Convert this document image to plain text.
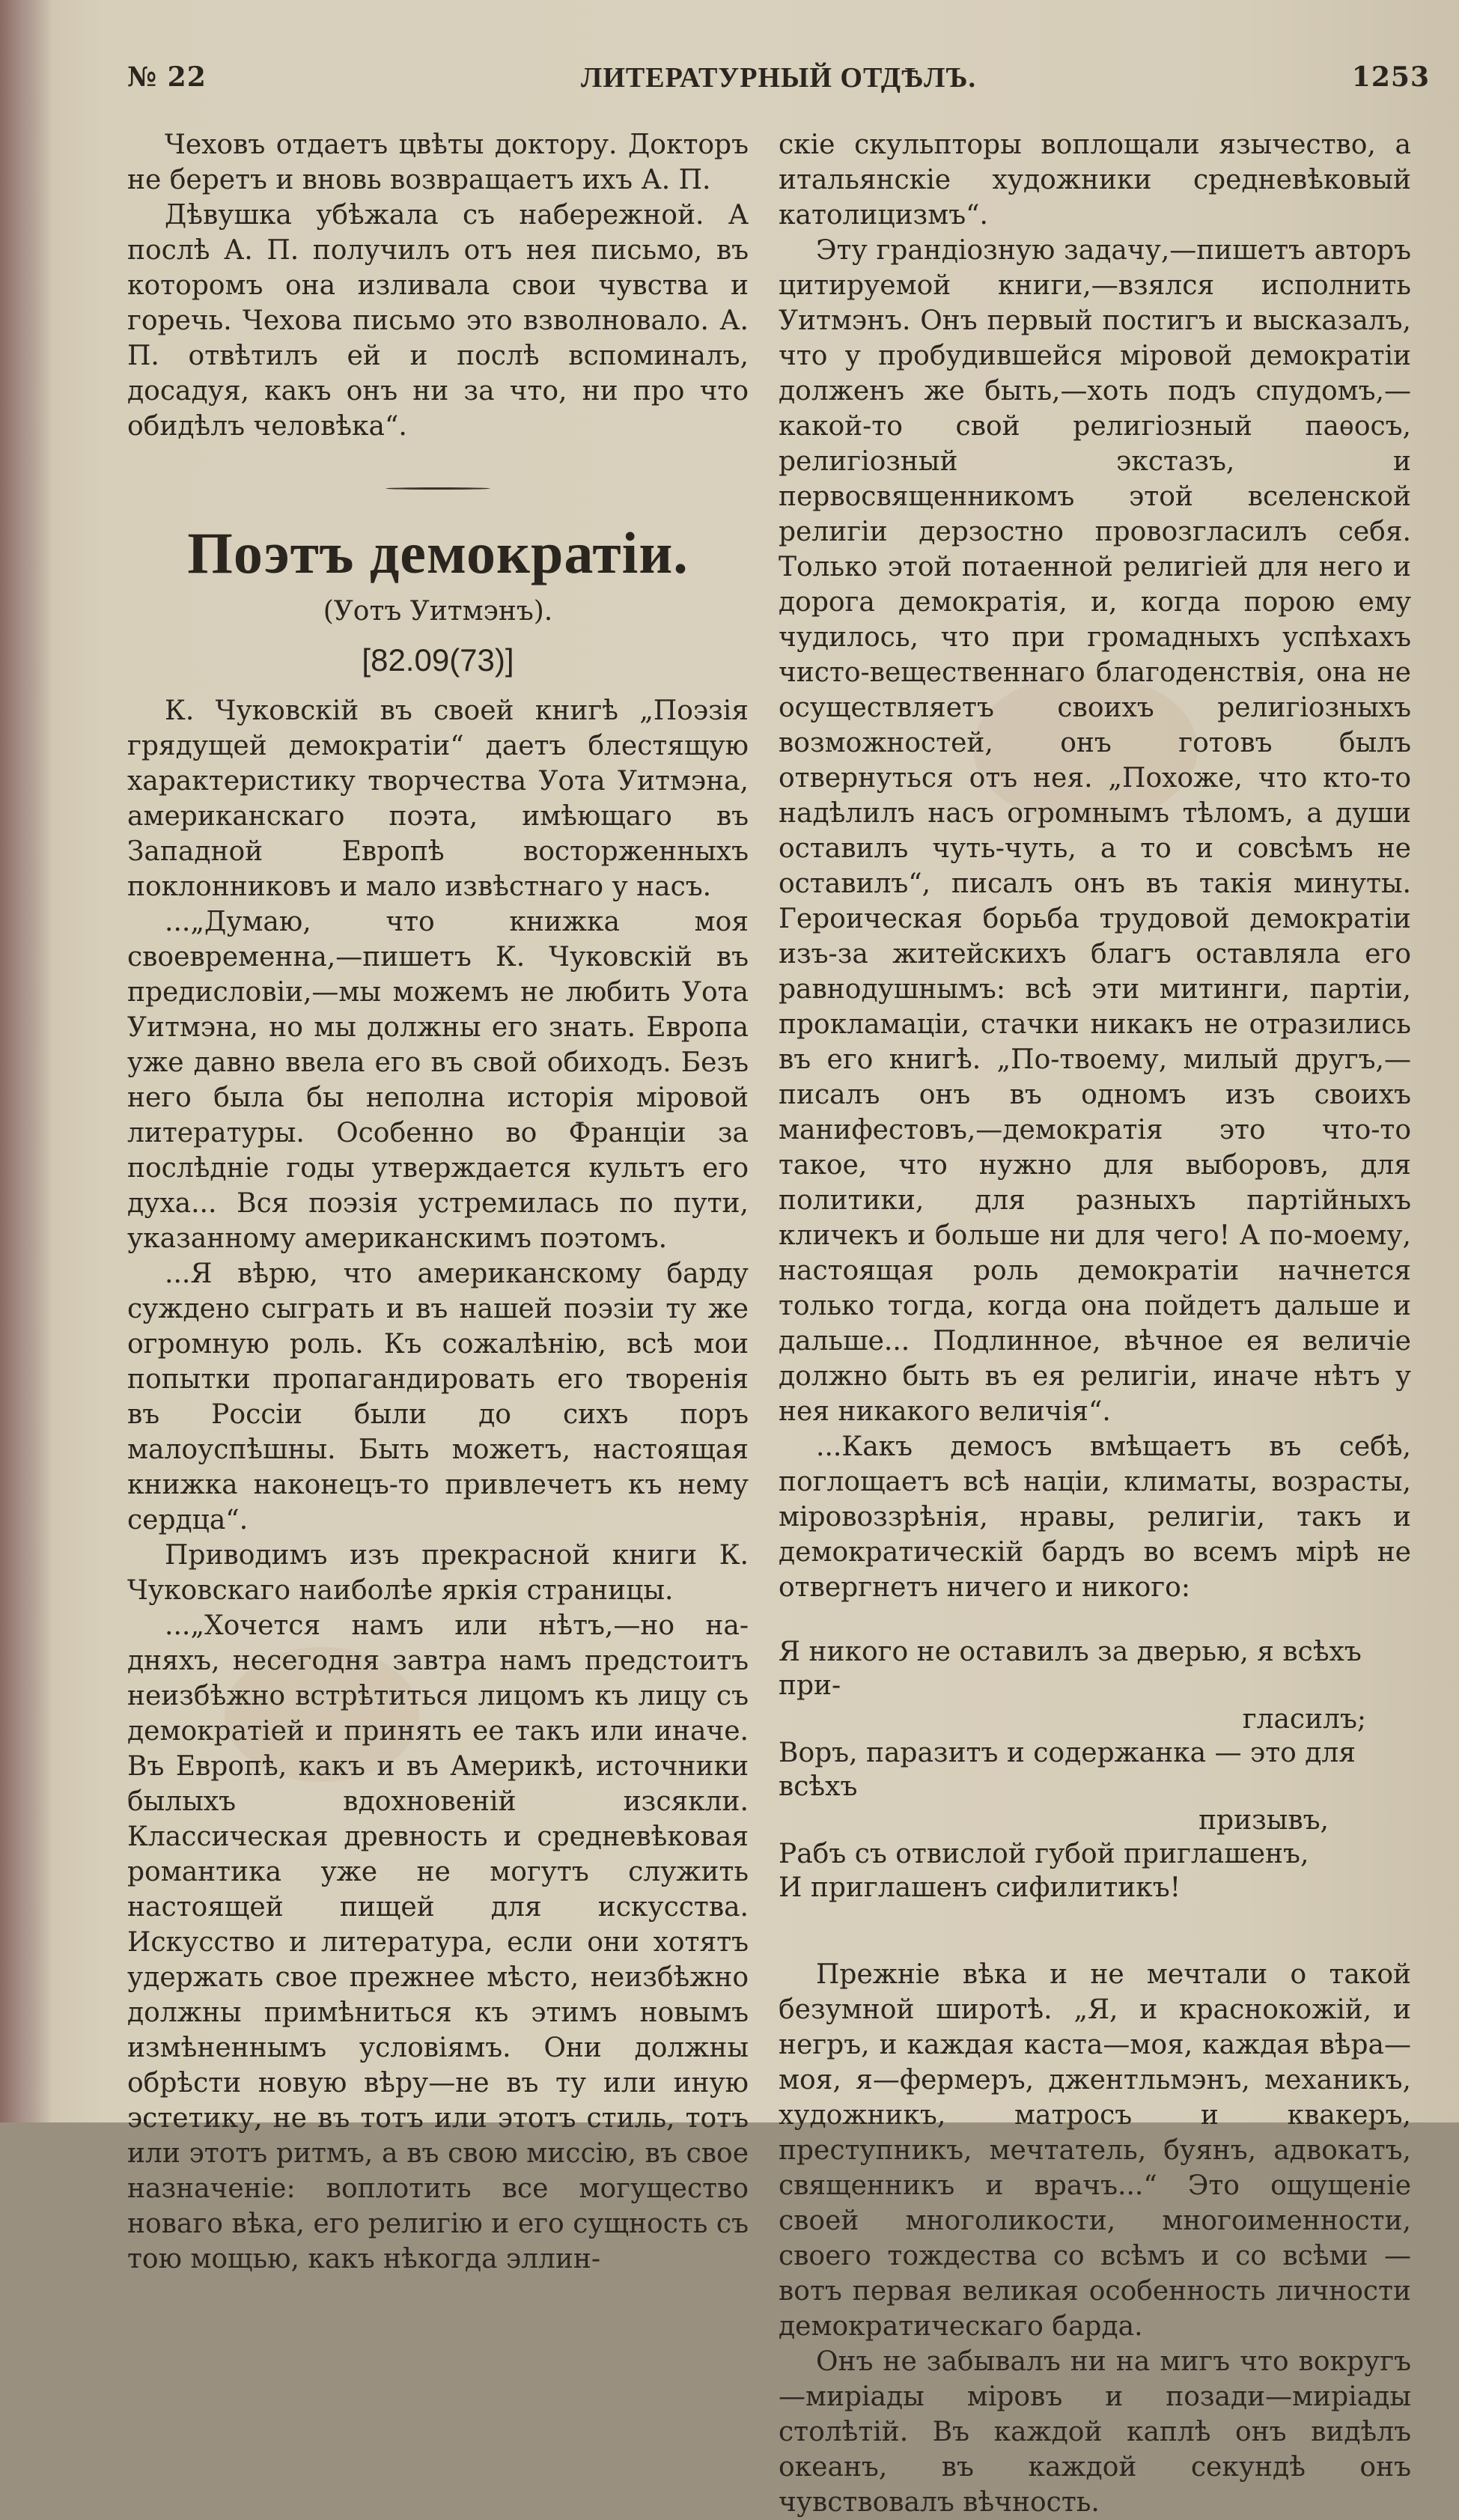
№ 22	ЛИТЕРАТУРНЫЙ ОТДѢЛЪ.	1253

Чеховъ отдаетъ цвѣты доктору. Докторъ не беретъ и вновь возвращаетъ ихъ А. П.

Дѣвушка убѣжала съ набережной. А послѣ А. П. получилъ отъ нея письмо, въ которомъ она изливала свои чувства и горечь. Чехова письмо это взволновало. А. П. отвѣтилъ ей и послѣ вспоминалъ, досадуя, какъ онъ ни за что, ни про что обидѣлъ человѣка“.

Поэтъ демократіи.
(Уотъ Уитмэнъ).
[82.09(73)]

К. Чуковскій въ своей книгѣ „Поэзія грядущей демократіи“ даетъ блестящую характеристику творчества Уота Уитмэна, американскаго поэта, имѣющаго въ Западной Европѣ восторженныхъ поклонниковъ и мало извѣстнаго у насъ.

...„Думаю, что книжка моя своевременна,—пишетъ К. Чуковскій въ предисловіи,—мы можемъ не любить Уота Уитмэна, но мы должны его знать. Европа уже давно ввела его въ свой обиходъ. Безъ него была бы неполна исторія міровой литературы. Особенно во Франціи за послѣдніе годы утверждается культъ его духа... Вся поэзія устремилась по пути, указанному американскимъ поэтомъ.

...Я вѣрю, что американскому барду суждено сыграть и въ нашей поэзіи ту же огромную роль. Къ сожалѣнію, всѣ мои попытки пропагандировать его творенія въ Россіи были до сихъ поръ малоуспѣшны. Быть можетъ, настоящая книжка наконецъ-то привлечетъ къ нему сердца“.

Приводимъ изъ прекрасной книги К. Чуковскаго наиболѣе яркія страницы.

...„Хочется намъ или нѣтъ,—но на-дняхъ, несегодня завтра намъ предстоитъ неизбѣжно встрѣтиться лицомъ къ лицу съ демократіей и принять ее такъ или иначе. Въ Европѣ, какъ и въ Америкѣ, источники былыхъ вдохновеній изсякли. Классическая древность и средневѣковая романтика уже не могутъ служить настоящей пищей для искусства. Искусство и литература, если они хотятъ удержать свое прежнее мѣсто, неизбѣжно должны примѣниться къ этимъ новымъ измѣненнымъ условіямъ. Они должны обрѣсти новую вѣру—не въ ту или иную эстетику, не въ тотъ или этотъ стиль, тотъ или этотъ ритмъ, а въ свою миссію, въ свое назначеніе: воплотить все могущество новаго вѣка, его религію и его сущность съ тою мощью, какъ нѣкогда эллин-

скіе скульпторы воплощали язычество, а итальянскіе художники средневѣковый католицизмъ“.

Эту грандіозную задачу,—пишетъ авторъ цитируемой книги,—взялся исполнить Уитмэнъ. Онъ первый постигъ и высказалъ, что у пробудившейся міровой демократіи долженъ же быть,—хоть подъ спудомъ,—какой-то свой религіозный паѳосъ, религіозный экстазъ, и первосвященникомъ этой вселенской религіи дерзостно провозгласилъ себя. Только этой потаенной религіей для него и дорога демократія, и, когда порою ему чудилось, что при громадныхъ успѣхахъ чисто-вещественнаго благоденствія, она не осуществляетъ своихъ религіозныхъ возможностей, онъ готовъ былъ отвернуться отъ нея. „Похоже, что кто-то надѣлилъ насъ огромнымъ тѣломъ, а души оставилъ чуть-чуть, а то и совсѣмъ не оставилъ“, писалъ онъ въ такія минуты. Героическая борьба трудовой демократіи изъ-за житейскихъ благъ оставляла его равнодушнымъ: всѣ эти митинги, партіи, прокламаціи, стачки никакъ не отразились въ его книгѣ. „По-твоему, милый другъ,—писалъ онъ въ одномъ изъ своихъ манифестовъ,—демократія это что-то такое, что нужно для выборовъ, для политики, для разныхъ партійныхъ кличекъ и больше ни для чего! А по-моему, настоящая роль демократіи начнется только тогда, когда она пойдетъ дальше и дальше... Подлинное, вѣчное ея величіе должно быть въ ея религіи, иначе нѣтъ у нея никакого величія“.

...Какъ демосъ вмѣщаетъ въ себѣ, поглощаетъ всѣ націи, климаты, возрасты, міровоззрѣнія, нравы, религіи, такъ и демократическій бардъ во всемъ мірѣ не отвергнетъ ничего и никого:

Я никого не оставилъ за дверью, я всѣхъ при-

гласилъ;

Воръ, паразитъ и содержанка — это для всѣхъ

призывъ,

Рабъ съ отвислой губой приглашенъ,

И приглашенъ сифилитикъ!

Прежніе вѣка и не мечтали о такой безумной широтѣ. „Я, и краснокожій, и негръ, и каждая каста—моя, каждая вѣра—моя, я—фермеръ, джентльмэнъ, механикъ, художникъ, матросъ и квакеръ, преступникъ, мечтатель, буянъ, адвокатъ, священникъ и врачъ...“ Это ощущеніе своей многоликости, многоименности, своего тождества со всѣмъ и со всѣми — вотъ первая великая особенность личности демократическаго барда.

Онъ не забывалъ ни на мигъ что вокругъ—миріады міровъ и позади—миріады столѣтій. Въ каждой каплѣ онъ видѣлъ океанъ, въ каждой секундѣ онъ чувствовалъ вѣчность.
